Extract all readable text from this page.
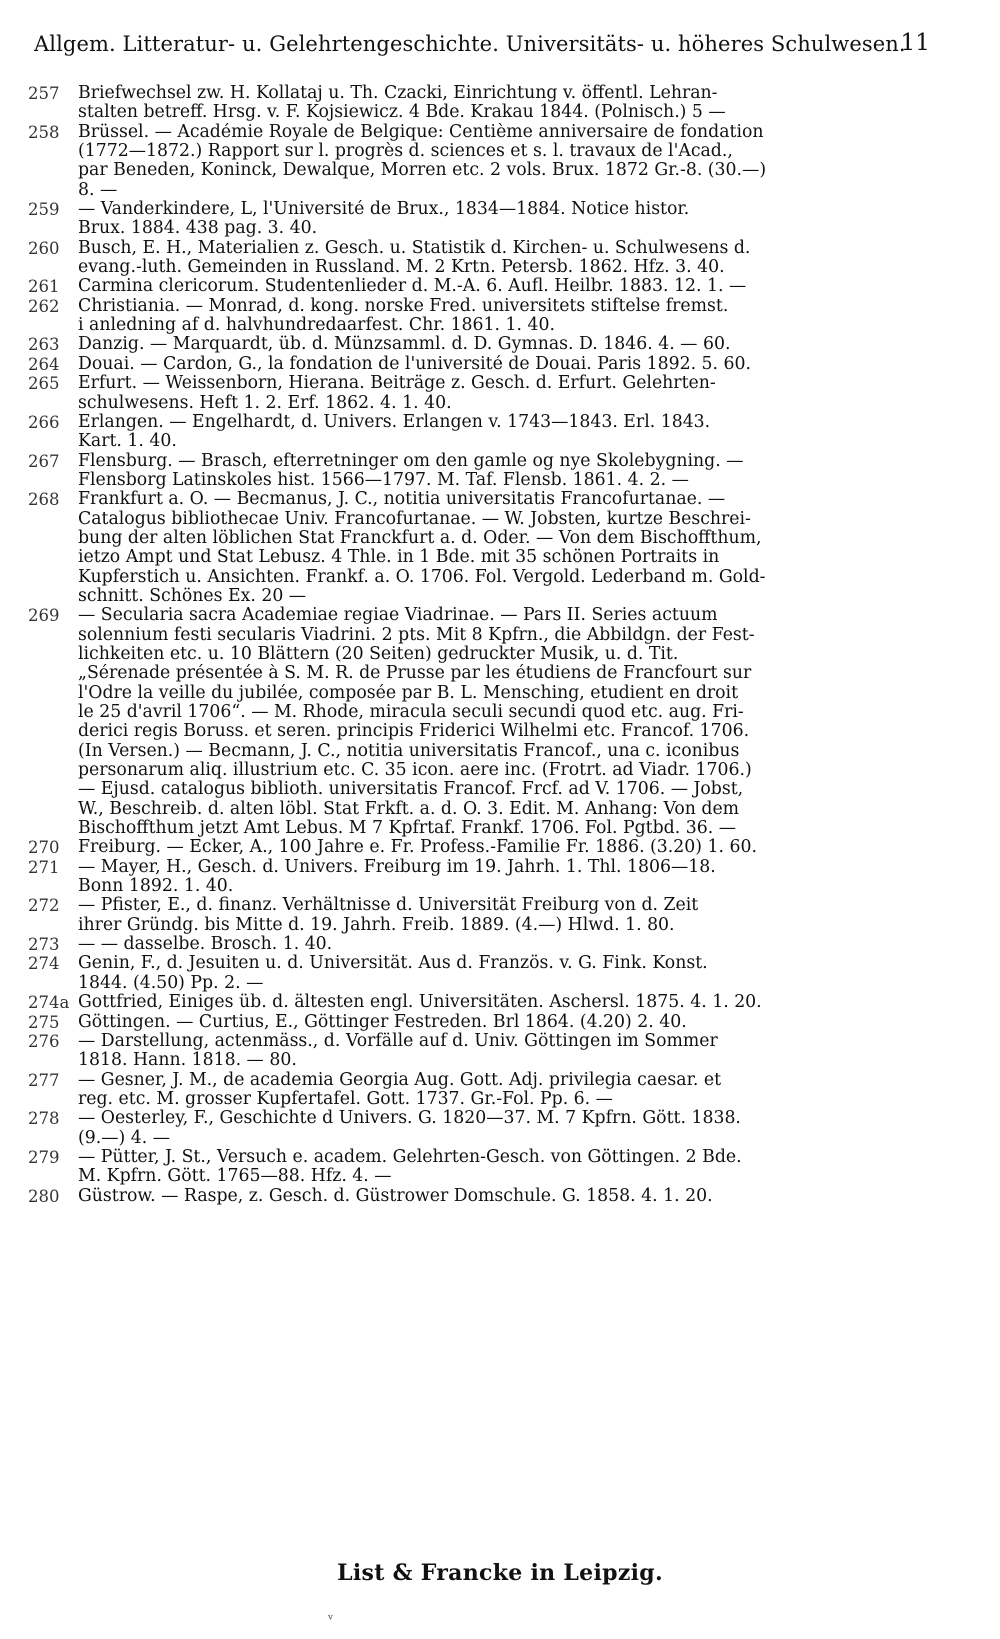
Allgem. Litteratur- u. Gelehrtengeschichte. Universitäts- u. höheres Schulwesen.
11
257	Briefwechsel zw. H. Kollataj u. Th. Czacki, Einrichtung v. öffentl. Lehran-
stalten betreff. Hrsg. v. F. Kojsiewicz. 4 Bde. Krakau 1844. (Polnisch.) 5 —
258	Brüssel. — Académie Royale de Belgique: Centième anniversaire de fondation
(1772—1872.) Rapport sur l. progrès d. sciences et s. l. travaux de l'Acad.,
par Beneden, Koninck, Dewalque, Morren etc. 2 vols. Brux. 1872 Gr.-8. (30.—)
8. —
259	— Vanderkindere, L, l'Université de Brux., 1834—1884. Notice histor.
Brux. 1884. 438 pag. 3. 40.
260	Busch, E. H., Materialien z. Gesch. u. Statistik d. Kirchen- u. Schulwesens d.
evang.-luth. Gemeinden in Russland. M. 2 Krtn. Petersb. 1862. Hfz. 3. 40.
261	Carmina clericorum. Studentenlieder d. M.-A. 6. Aufl. Heilbr. 1883. 12. 1. —
262	Christiania. — Monrad, d. kong. norske Fred. universitets stiftelse fremst.
i anledning af d. halvhundredaarfest. Chr. 1861. 1. 40.
263	Danzig. — Marquardt, üb. d. Münzsamml. d. D. Gymnas. D. 1846. 4. — 60.
264	Douai. — Cardon, G., la fondation de l'université de Douai. Paris 1892. 5. 60.
265	Erfurt. — Weissenborn, Hierana. Beiträge z. Gesch. d. Erfurt. Gelehrten-
schulwesens. Heft 1. 2. Erf. 1862. 4. 1. 40.
266	Erlangen. — Engelhardt, d. Univers. Erlangen v. 1743—1843. Erl. 1843.
Kart. 1. 40.
267	Flensburg. — Brasch, efterretninger om den gamle og nye Skolebygning. —
Flensborg Latinskoles hist. 1566—1797. M. Taf. Flensb. 1861. 4. 2. —
268	Frankfurt a. O. — Becmanus, J. C., notitia universitatis Francofurtanae. —
Catalogus bibliothecae Univ. Francofurtanae. — W. Jobsten, kurtze Beschrei-
bung der alten löblichen Stat Franckfurt a. d. Oder. — Von dem Bischoffthum,
ietzo Ampt und Stat Lebusz. 4 Thle. in 1 Bde. mit 35 schönen Portraits in
Kupferstich u. Ansichten. Frankf. a. O. 1706. Fol. Vergold. Lederband m. Gold-
schnitt. Schönes Ex. 20 —
269	— Secularia sacra Academiae regiae Viadrinae. — Pars II. Series actuum
solennium festi secularis Viadrini. 2 pts. Mit 8 Kpfrn., die Abbildgn. der Fest-
lichkeiten etc. u. 10 Blättern (20 Seiten) gedruckter Musik, u. d. Tit.
„Sérenade présentée à S. M. R. de Prusse par les étudiens de Francfourt sur
l'Odre la veille du jubilée, composée par B. L. Mensching, etudient en droit
le 25 d'avril 1706“. — M. Rhode, miracula seculi secundi quod etc. aug. Fri-
derici regis Boruss. et seren. principis Friderici Wilhelmi etc. Francof. 1706.
(In Versen.) — Becmann, J. C., notitia universitatis Francof., una c. iconibus
personarum aliq. illustrium etc. C. 35 icon. aere inc. (Frotrt. ad Viadr. 1706.)
— Ejusd. catalogus biblioth. universitatis Francof. Frcf. ad V. 1706. — Jobst,
W., Beschreib. d. alten löbl. Stat Frkft. a. d. O. 3. Edit. M. Anhang: Von dem
Bischoffthum jetzt Amt Lebus. M 7 Kpfrtaf. Frankf. 1706. Fol. Pgtbd. 36. —
270	Freiburg. — Ecker, A., 100 Jahre e. Fr. Profess.-Familie Fr. 1886. (3.20) 1. 60.
271	— Mayer, H., Gesch. d. Univers. Freiburg im 19. Jahrh. 1. Thl. 1806—18.
Bonn 1892. 1. 40.
272	— Pfister, E., d. finanz. Verhältnisse d. Universität Freiburg von d. Zeit
ihrer Gründg. bis Mitte d. 19. Jahrh. Freib. 1889. (4.—) Hlwd. 1. 80.
273	— — dasselbe. Brosch. 1. 40.
274	Genin, F., d. Jesuiten u. d. Universität. Aus d. Französ. v. G. Fink. Konst.
1844. (4.50) Pp. 2. —
274a Gottfried, Einiges üb. d. ältesten engl. Universitäten. Aschersl. 1875. 4. 1. 20.
275	Göttingen. — Curtius, E., Göttinger Festreden. Brl 1864. (4.20) 2. 40.
276	— Darstellung, actenmäss., d. Vorfälle auf d. Univ. Göttingen im Sommer
1818. Hann. 1818. — 80.
277	— Gesner, J. M., de academia Georgia Aug. Gott. Adj. privilegia caesar. et
reg. etc. M. grosser Kupfertafel. Gott. 1737. Gr.-Fol. Pp. 6. —
278	— Oesterley, F., Geschichte d Univers. G. 1820—37. M. 7 Kpfrn. Gött. 1838.
(9.—) 4. —
279	— Pütter, J. St., Versuch e. academ. Gelehrten-Gesch. von Göttingen. 2 Bde.
M. Kpfrn. Gött. 1765—88. Hfz. 4. —
280	Güstrow. — Raspe, z. Gesch. d. Güstrower Domschule. G. 1858. 4. 1. 20.
List & Francke in Leipzig.
ᵛ
